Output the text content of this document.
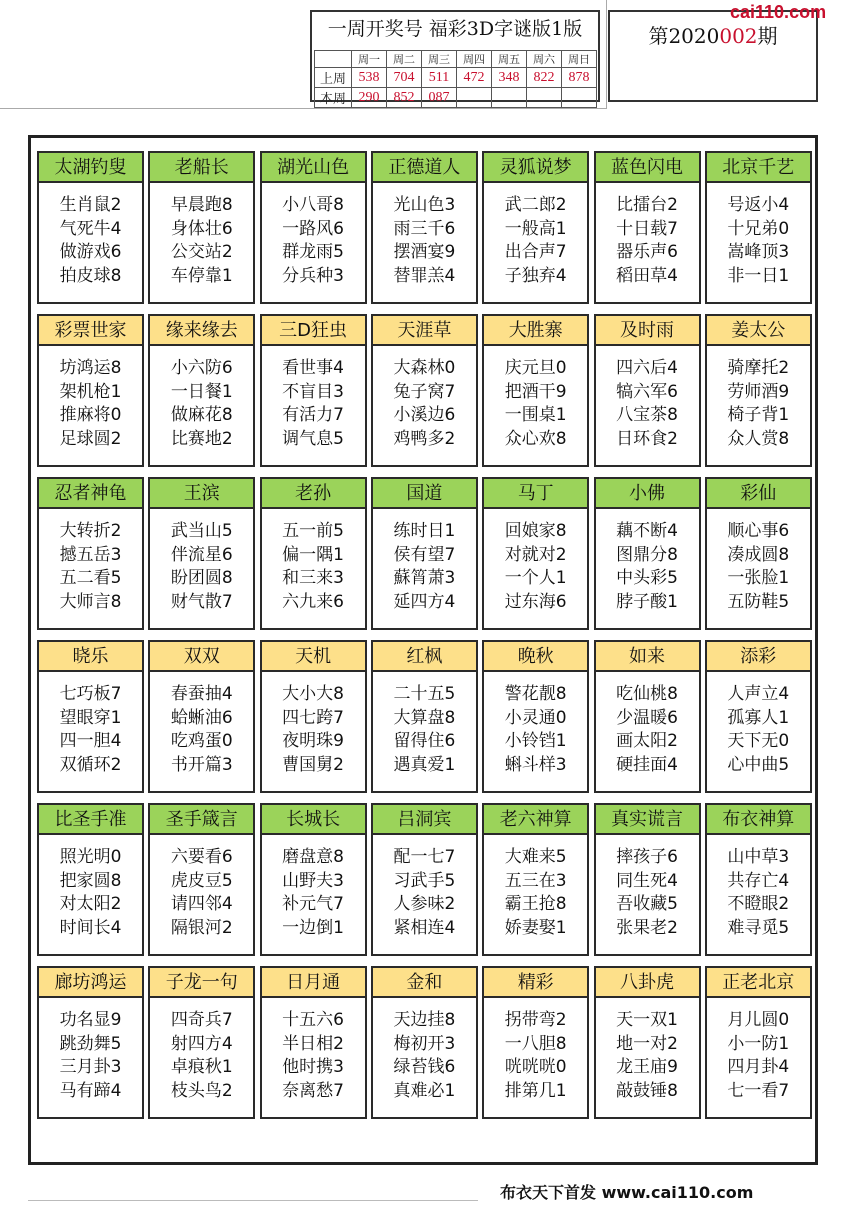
一周开奖号 福彩3D字谜版1版
	周一	周二	周三	周四	周五	周六	周日
上周	538	704	511	472	348	822	878
本周	290	852	087				
第2020002期
cai110.com
太湖钓叟
生肖鼠2
气死牛4
做游戏6
拍皮球8
老船长
早晨跑8
身体壮6
公交站2
车停靠1
湖光山色
小八哥8
一路风6
群龙雨5
分兵种3
正德道人
光山色3
雨三千6
摆酒宴9
替罪羔4
灵狐说梦
武二郎2
一般高1
出合声7
子独弃4
蓝色闪电
比擂台2
十日载7
器乐声6
稻田草4
北京千艺
号返小4
十兄弟0
嵩峰顶3
非一日1
彩票世家
坊鸿运8
架机枪1
推麻将0
足球圆2
缘来缘去
小六防6
一日餐1
做麻花8
比赛地2
三D狂虫
看世事4
不盲目3
有活力7
调气息5
天涯草
大森林0
兔子窝7
小溪边6
鸡鸭多2
大胜寨
庆元旦0
把酒干9
一围桌1
众心欢8
及时雨
四六后4
犒六军6
八宝茶8
日环食2
姜太公
骑摩托2
劳师酒9
椅子背1
众人赏8
忍者神龟
大转折2
撼五岳3
五二看5
大师言8
王滨
武当山5
伴流星6
盼团圆8
财气散7
老孙
五一前5
偏一隅1
和三来3
六九来6
国道
练时日1
侯有望7
蘇筲萧3
延四方4
马丁
回娘家8
对就对2
一个人1
过东海6
小佛
藕不断4
图鼎分8
中头彩5
脖子酸1
彩仙
顺心事6
凑成圆8
一张脸1
五防鞋5
晓乐
七巧板7
望眼穿1
四一胆4
双循环2
双双
春蚕抽4
蛤蜥油6
吃鸡蛋0
书开篇3
天机
大小大8
四七跨7
夜明珠9
曹国舅2
红枫
二十五5
大算盘8
留得住6
遇真爱1
晚秋
警花靓8
小灵通0
小铃铛1
蝌斗样3
如来
吃仙桃8
少温暖6
画太阳2
硬挂面4
添彩
人声立4
孤寡人1
天下无0
心中曲5
比圣手准
照光明0
把家圆8
对太阳2
时间长4
圣手箴言
六要看6
虎皮豆5
请四邻4
隔银河2
长城长
磨盘意8
山野夫3
补元气7
一边倒1
吕洞宾
配一七7
习武手5
人参味2
紧相连4
老六神算
大难来5
五三在3
霸王抢8
娇妻娶1
真实谎言
摔孩子6
同生死4
吾收藏5
张果老2
布衣神算
山中草3
共存亡4
不瞪眼2
难寻觅5
廊坊鸿运
功名显9
跳劲舞5
三月卦3
马有蹄4
子龙一句
四奇兵7
射四方4
卓痕秋1
枝头鸟2
日月通
十五六6
半日相2
他时携3
奈离愁7
金和
天边挂8
梅初开3
绿苔钱6
真难必1
精彩
拐带弯2
一八胆8
咣咣咣0
排第几1
八卦虎
天一双1
地一对2
龙王庙9
敲鼓锤8
正老北京
月儿圆0
小一防1
四月卦4
七一看7
布衣天下首发 www.cai110.com
